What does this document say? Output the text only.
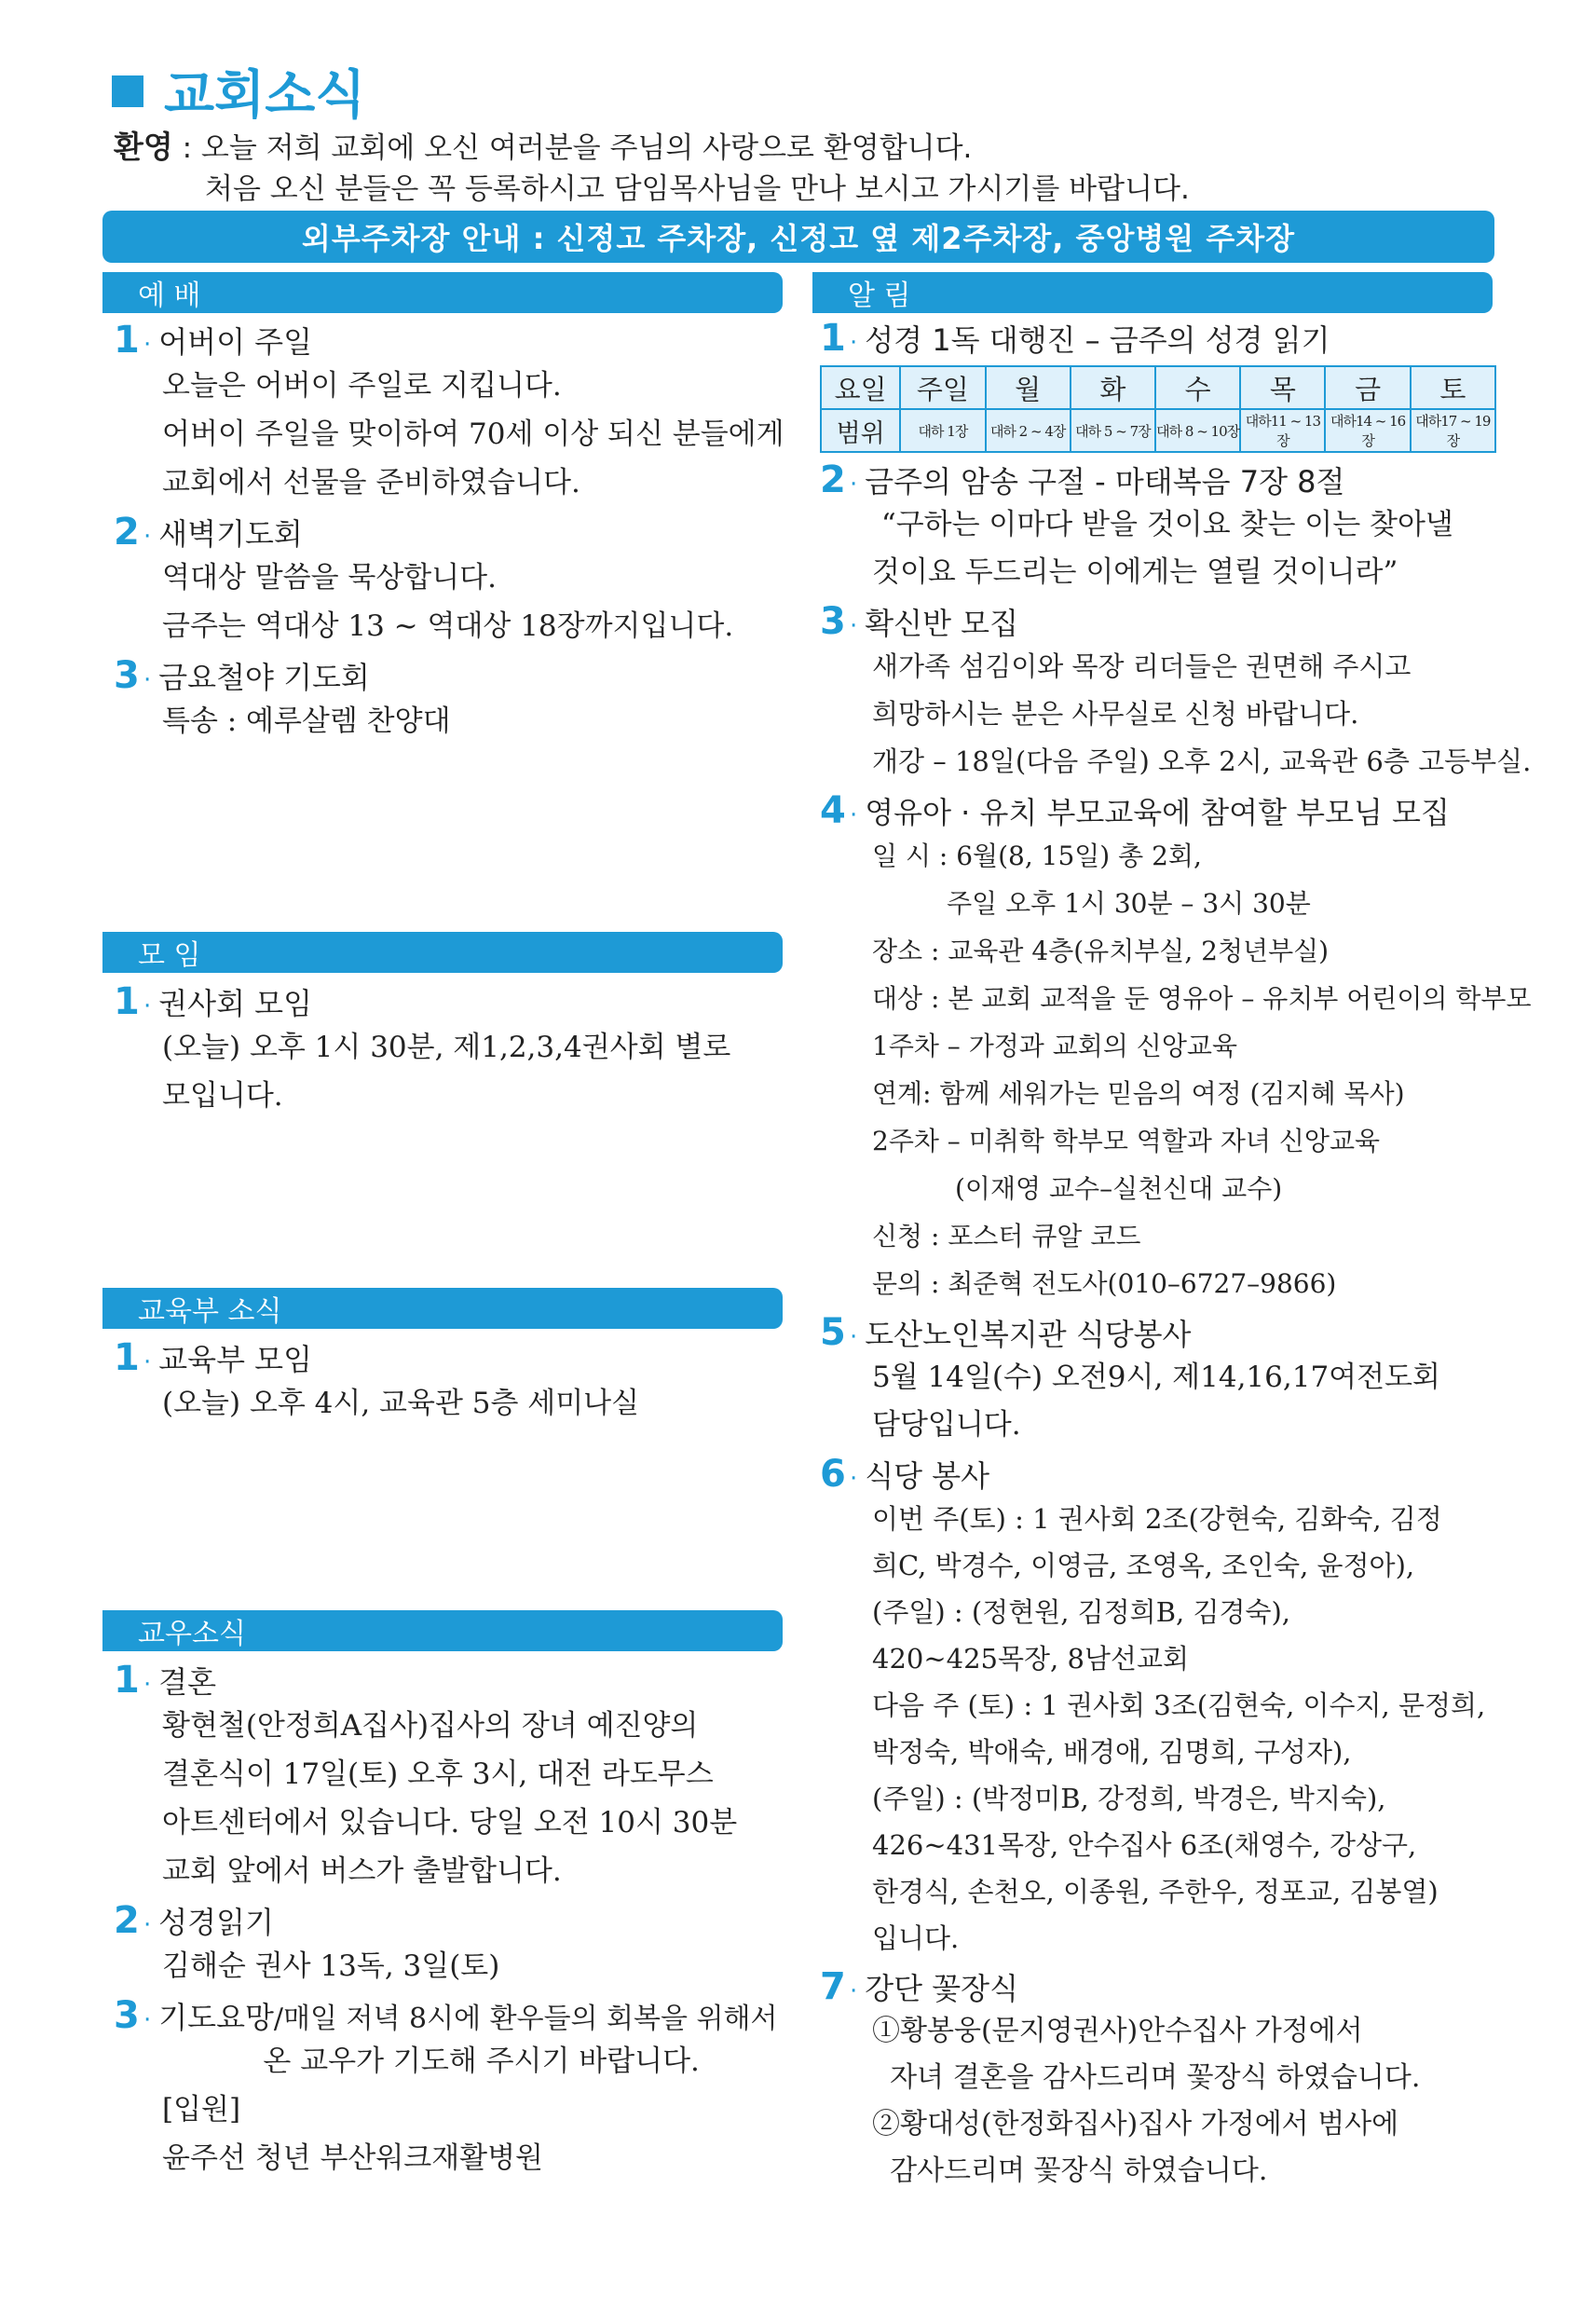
교회소식
환영 : 오늘 저희 교회에 오신 여러분을 주님의 사랑으로 환영합니다.
처음 오신 분들은 꼭 등록하시고 담임목사님을 만나 보시고 가시기를 바랍니다.
외부주차장 안내 : 신정고 주차장, 신정고 옆 제2주차장, 중앙병원 주차장
예 배
1 · 어버이 주일
오늘은 어버이 주일로 지킵니다.
어버이 주일을 맞이하여 70세 이상 되신 분들에게
교회에서 선물을 준비하였습니다.
2 · 새벽기도회
역대상 말씀을 묵상합니다.
금주는 역대상 13 ~ 역대상 18장까지입니다.
3 · 금요철야 기도회
특송 : 예루살렘 찬양대
모 임
1 · 권사회 모임
(오늘) 오후 1시 30분, 제1,2,3,4권사회 별로
모입니다.
교육부 소식
1 · 교육부 모임
(오늘) 오후 4시, 교육관 5층 세미나실
교우소식
1 · 결혼
황현철(안정희A집사)집사의 장녀 예진양의
결혼식이 17일(토) 오후 3시, 대전 라도무스
아트센터에서 있습니다. 당일 오전 10시 30분
교회 앞에서 버스가 출발합니다.
2 · 성경읽기
김해순 권사 13독, 3일(토)
3 · 기도요망 /매일 저녁 8시에 환우들의 회복을 위해서
온 교우가 기도해 주시기 바랍니다.
[입원]
윤주선 청년 부산워크재활병원
알 림
1 · 성경 1독 대행진 – 금주의 성경 읽기
요일	주일	월	화	수	목	금	토
범위	대하 1장	대하 2 ~ 4장	대하 5 ~ 7장	대하 8 ~ 10장	대하11 ~ 13장	대하14 ~ 16장	대하17 ~ 19장
2 · 금주의 암송 구절 - 마태복음 7장 8절
“구하는 이마다 받을 것이요 찾는 이는 찾아낼
것이요 두드리는 이에게는 열릴 것이니라”
3 · 확신반 모집
새가족 섬김이와 목장 리더들은 권면해 주시고
희망하시는 분은 사무실로 신청 바랍니다.
개강 – 18일(다음 주일) 오후 2시, 교육관 6층 고등부실.
4 · 영유아 · 유치 부모교육에 참여할 부모님 모집
일 시 : 6월(8, 15일) 총 2회,
주일 오후 1시 30분 – 3시 30분
장소 : 교육관 4층(유치부실, 2청년부실)
대상 : 본 교회 교적을 둔 영유아 – 유치부 어린이의 학부모
1주차 – 가정과 교회의 신앙교육
연계: 함께 세워가는 믿음의 여정 (김지혜 목사)
2주차 – 미취학 학부모 역할과 자녀 신앙교육
(이재영 교수–실천신대 교수)
신청 : 포스터 큐알 코드
문의 : 최준혁 전도사(010–6727–9866)
5 · 도산노인복지관 식당봉사
5월 14일(수) 오전9시, 제14,16,17여전도회
담당입니다.
6 · 식당 봉사
이번 주(토) : 1 권사회 2조(강현숙, 김화숙, 김정
희C, 박경수, 이영금, 조영옥, 조인숙, 윤정아),
(주일) : (정현원, 김정희B, 김경숙),
420~425목장, 8남선교회
다음 주 (토) : 1 권사회 3조(김현숙, 이수지, 문정희,
박정숙, 박애숙, 배경애, 김명희, 구성자),
(주일) : (박정미B, 강정희, 박경은, 박지숙),
426~431목장, 안수집사 6조(채영수, 강상구,
한경식, 손천오, 이종원, 주한우, 정포교, 김봉열)
입니다.
7 · 강단 꽃장식
①황봉웅(문지영권사)안수집사 가정에서
자녀 결혼을 감사드리며 꽃장식 하였습니다.
②황대성(한정화집사)집사 가정에서 범사에
감사드리며 꽃장식 하였습니다.
